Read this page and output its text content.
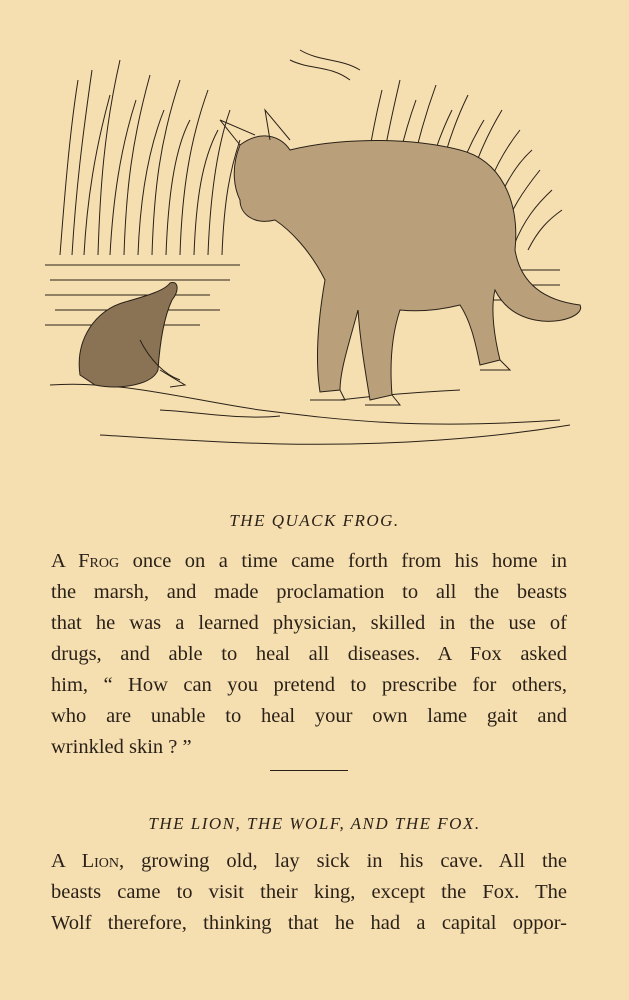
THE QUACK FROG.
A Frog once on a time came forth from his home in
the marsh, and made proclamation to all the beasts
that he was a learned physician, skilled in the use of
drugs, and able to heal all diseases. A Fox asked
him, “ How can you pretend to prescribe for others,
who are unable to heal your own lame gait and
wrinkled skin ? ”
THE LION, THE WOLF, AND THE FOX.
A Lion, growing old, lay sick in his cave. All the
beasts came to visit their king, except the Fox. The
Wolf therefore, thinking that he had a capital oppor-
